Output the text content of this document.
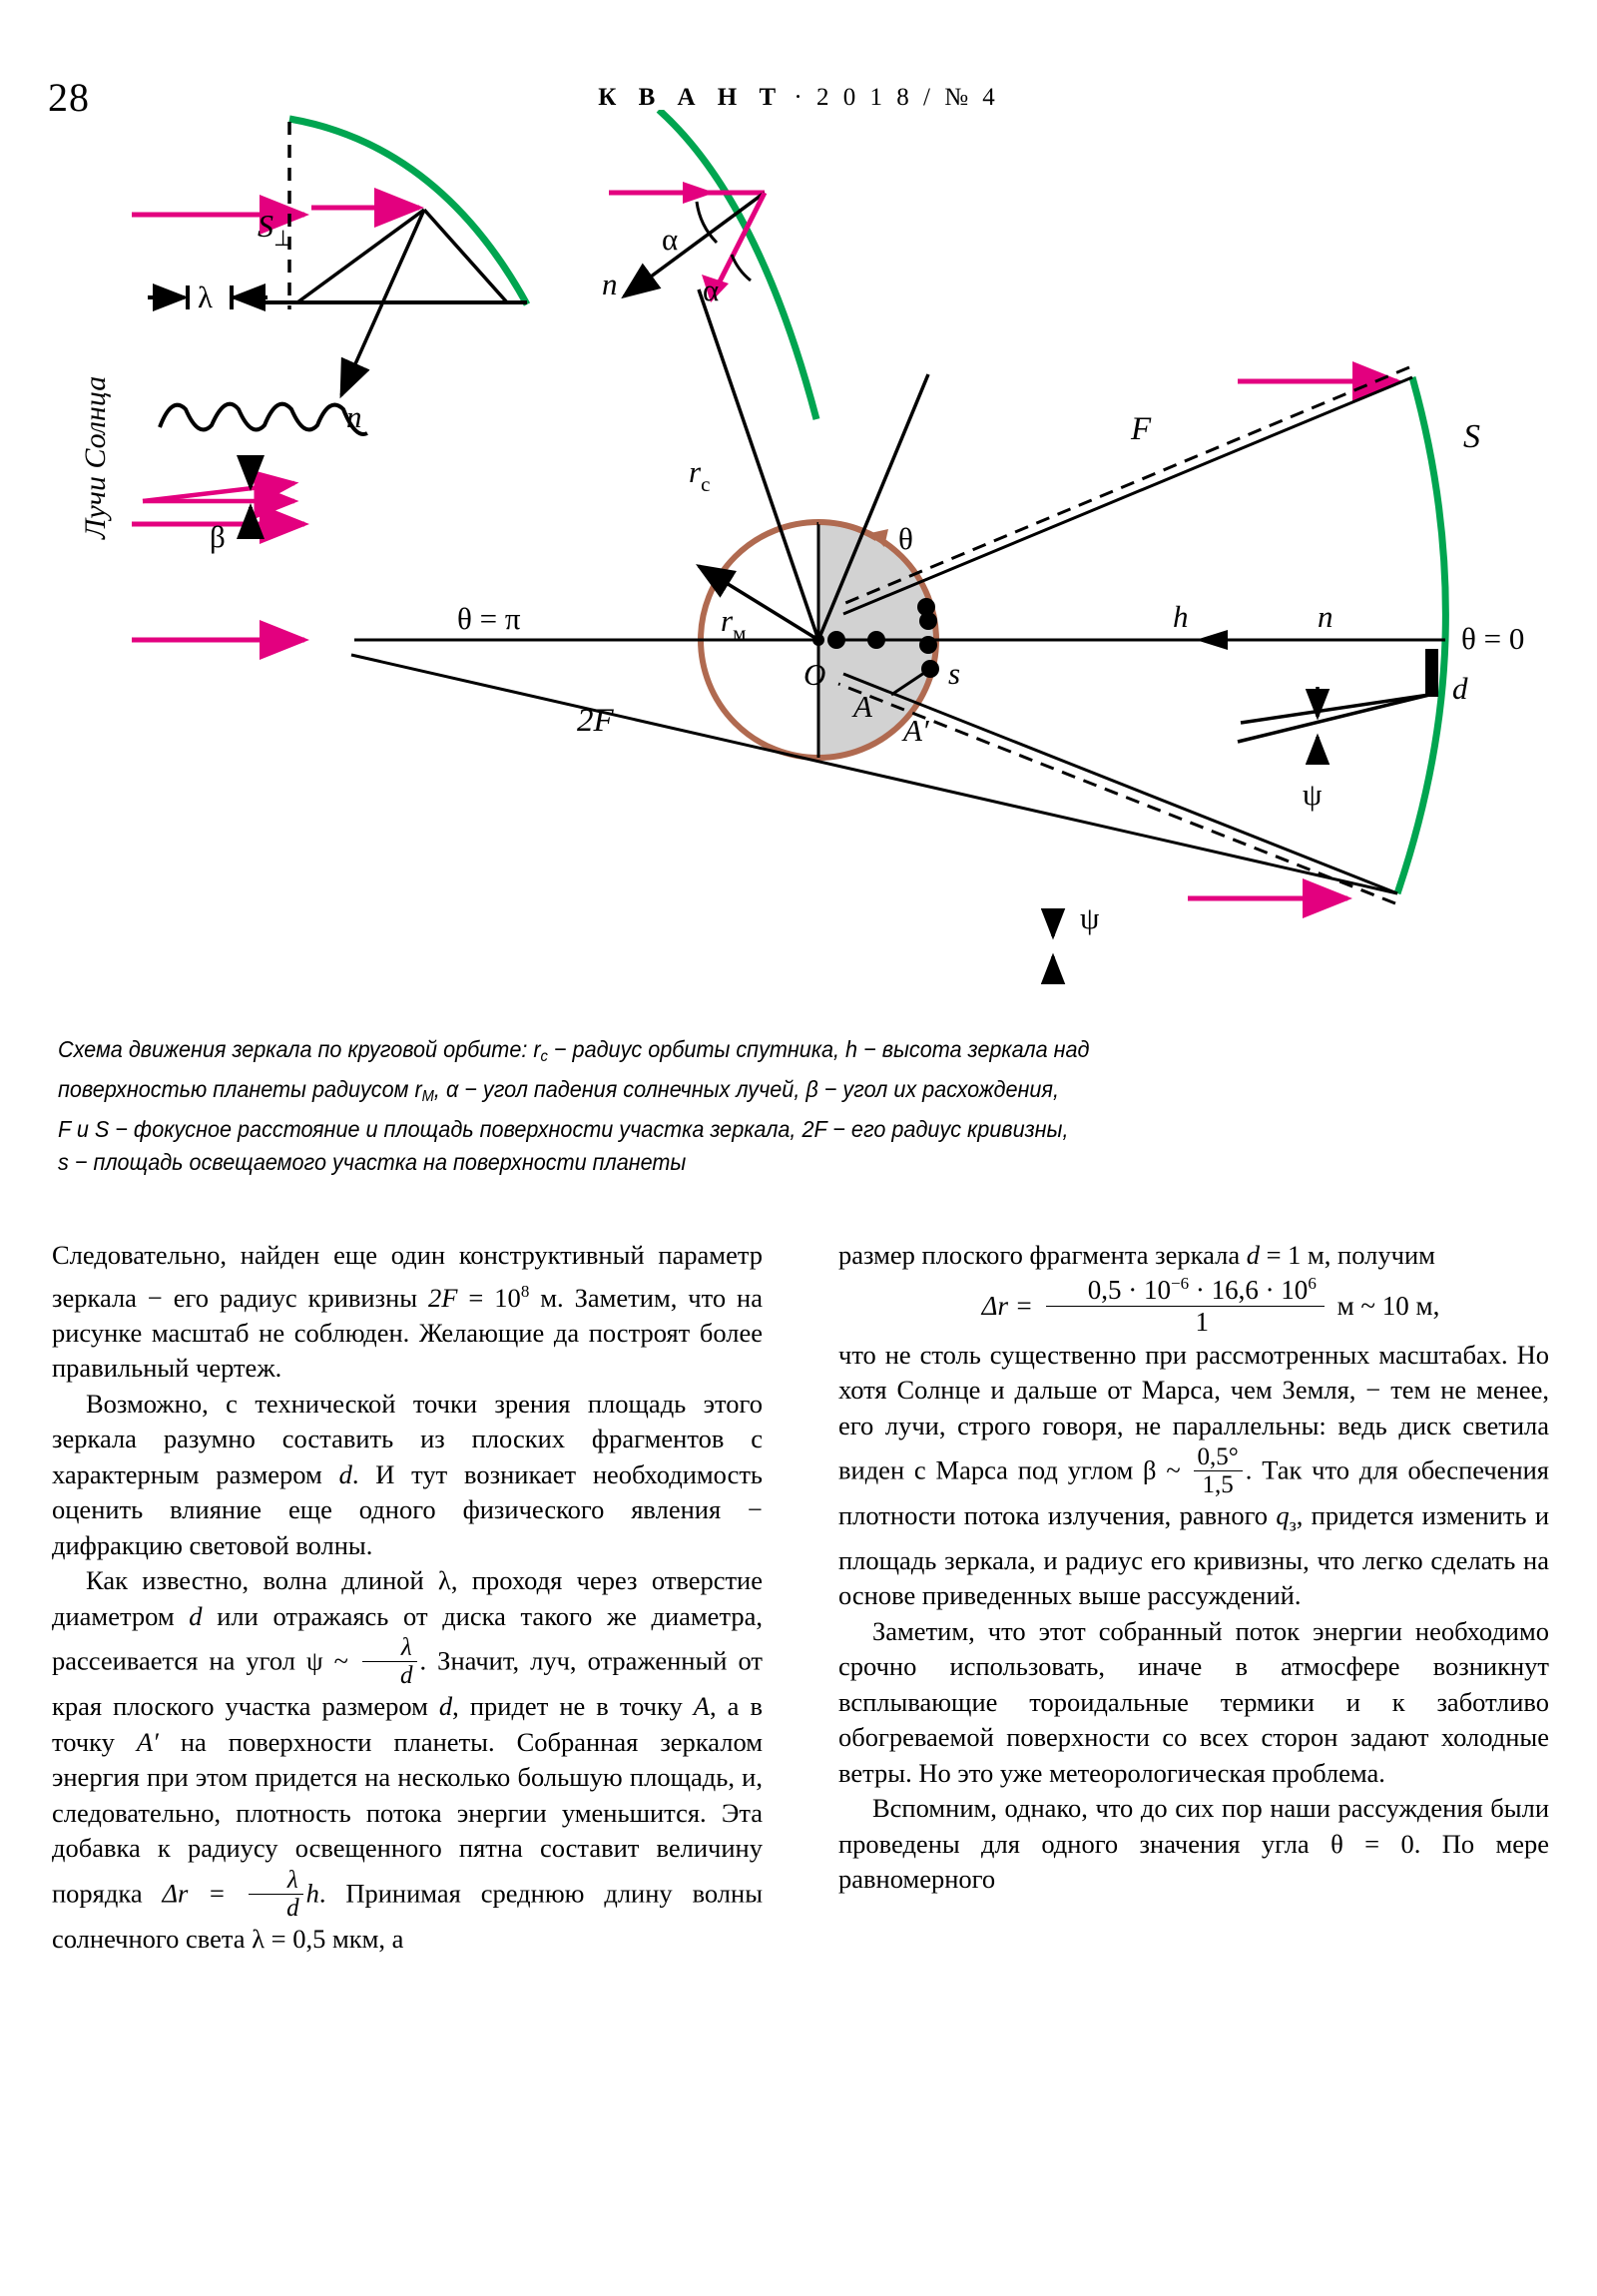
28	К В А Н Т · 2 0 1 8 / № 4
Лучи Солнца
λ
β
$S_\perp$
n
n
α
α
$r_м$
θ
O
$r_с$
S
h	n
θ = 0
F
d
ψ
ψ
θ = π
2F	A
A′
s
Схема движения зеркала по круговой орбите: $r_с$ − радиус орбиты спутника, h − высота зеркала над
поверхностью планеты радиусом $r_М$, α − угол падения солнечных лучей, β − угол их расхождения,
F и S − фокусное расстояние и площадь поверхности участка зеркала, 2F − его радиус кривизны,
s − площадь освещаемого участка на поверхности планеты

Следовательно, найден еще один конструктивный параметр зеркала − его радиус кривизны $2F = 10^8$ м. Заметим, что на рисунке масштаб не соблюден. Желающие да построят более правильный чертеж.

Возможно, с технической точки зрения площадь этого зеркала разумно составить из плоских фрагментов с характерным размером d. И тут возникает необходимость оценить влияние еще одного физического явления − дифракцию световой волны.

Как известно, волна длиной λ, проходя через отверстие диаметром d или отражаясь от диска такого же диаметра, рассеивается на угол ψ ~ $\frac{\lambda}{d}$ . Значит, луч, отраженный от края плоского участка размером d, придет не в точку A, а в точку A′ на поверхности планеты. Собранная зеркалом энергия при этом придется на несколько большую площадь, и, следовательно, плотность потока энергии уменьшится. Эта добавка к радиусу освещенного пятна составит величину порядка $\Delta r = \frac{\lambda}{d} h$. Принимая среднюю длину волны солнечного света λ = 0,5 мкм, а

размер плоского фрагмента зеркала d = 1 м, получим

$\Delta r = \frac{0,5 \cdot 10^{-6} \cdot 16,6 \cdot 10^6}{1}$ м ~ 10 м,

что не столь существенно при рассмотренных масштабах. Но хотя Солнце и дальше от Марса, чем Земля, − тем не менее, его лучи, строго говоря, не параллельны: ведь диск светила виден с Марса под углом β ~ $\frac{0,5^\circ}{1,5}$ . Так что для обеспечения плотности потока излучения, равного $q_з$, придется изменить и площадь зеркала, и радиус его кривизны, что легко сделать на основе приведенных выше рассуждений.

Заметим, что этот собранный поток энергии необходимо срочно использовать, иначе в атмосфере возникнут всплывающие тороидальные термики и к заботливо обогреваемой поверхности со всех сторон задают холодные ветры. Но это уже метеорологическая проблема.

Вспомним, однако, что до сих пор наши рассуждения были проведены для одного значения угла θ = 0. По мере равномерного
